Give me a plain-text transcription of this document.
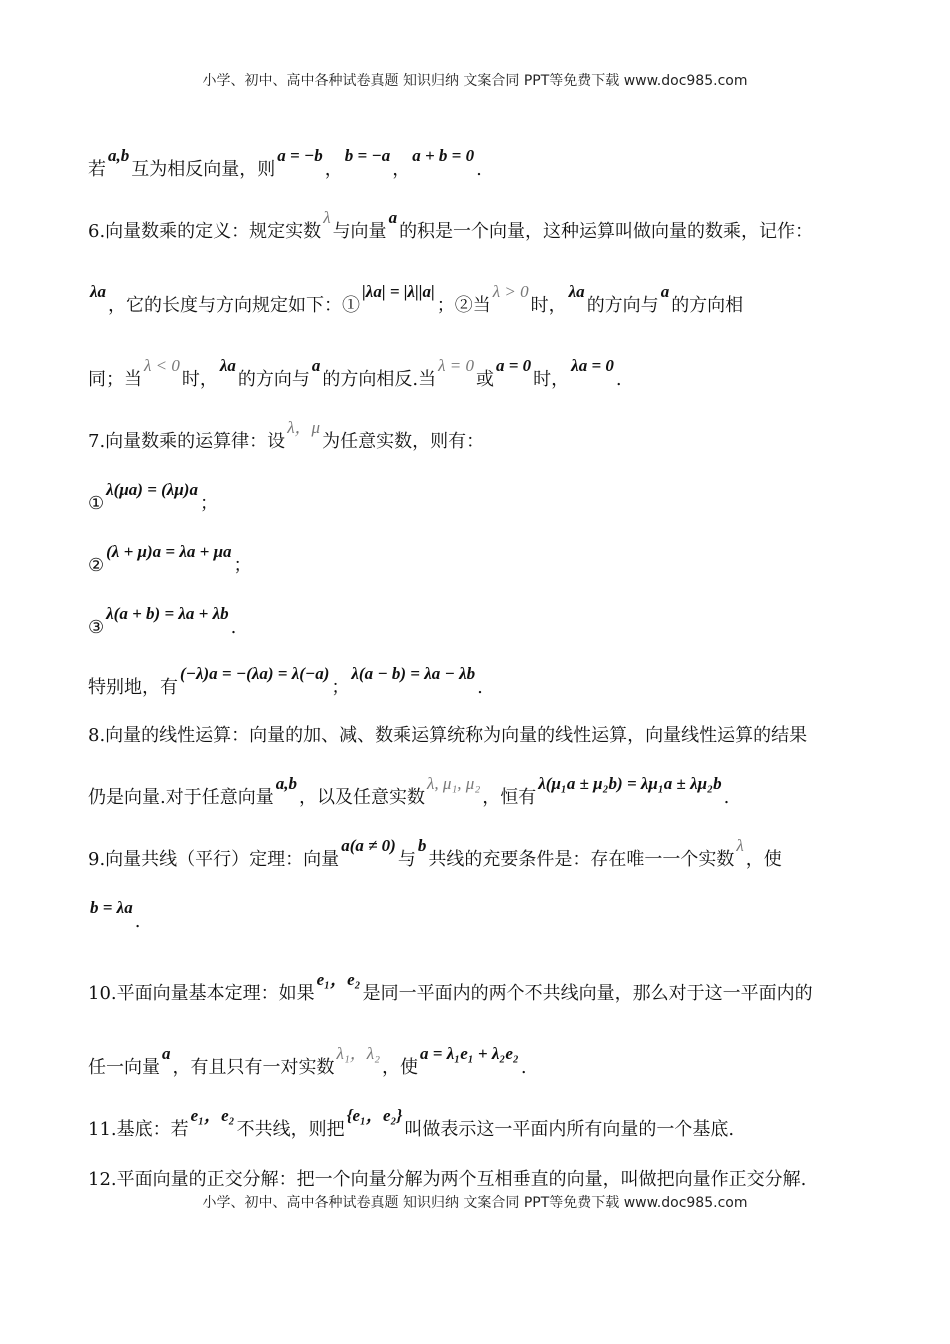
小学、初中、高中各种试卷真题 知识归纳 文案合同 PPT等免费下载 www.doc985.com
若a,b互为相反向量，则a = −b，b = −a，a + b = 0.
6.向量数乘的定义：规定实数λ与向量a的积是一个向量，这种运算叫做向量的数乘，记作：
λa，它的长度与方向规定如下：①|λa| = |λ||a|；②当λ > 0时，λa的方向与a的方向相
同；当λ < 0时，λa的方向与a的方向相反.当λ = 0或a = 0时，λa = 0.
7.向量数乘的运算律：设λ，μ为任意实数，则有：
①λ(μa) = (λμ)a；
②(λ + μ)a = λa + μa；
③λ(a + b) = λa + λb.
特别地，有(−λ)a = −(λa) = λ(−a)；λ(a − b) = λa − λb.
8.向量的线性运算：向量的加、减、数乘运算统称为向量的线性运算，向量线性运算的结果
仍是向量.对于任意向量a,b，以及任意实数λ, μ₁, μ₂，恒有λ(μ₁a ± μ₂b) = λμ₁a ± λμ₂b.
9.向量共线（平行）定理：向量a(a ≠ 0)与b共线的充要条件是：存在唯一一个实数λ，使
b = λa.
10.平面向量基本定理：如果e₁，e₂是同一平面内的两个不共线向量，那么对于这一平面内的
任一向量a，有且只有一对实数λ₁，λ₂，使a = λ₁e₁ + λ₂e₂.
11.基底：若e₁，e₂不共线，则把{e₁，e₂}叫做表示这一平面内所有向量的一个基底.
12.平面向量的正交分解：把一个向量分解为两个互相垂直的向量，叫做把向量作正交分解.
小学、初中、高中各种试卷真题 知识归纳 文案合同 PPT等免费下载 www.doc985.com
